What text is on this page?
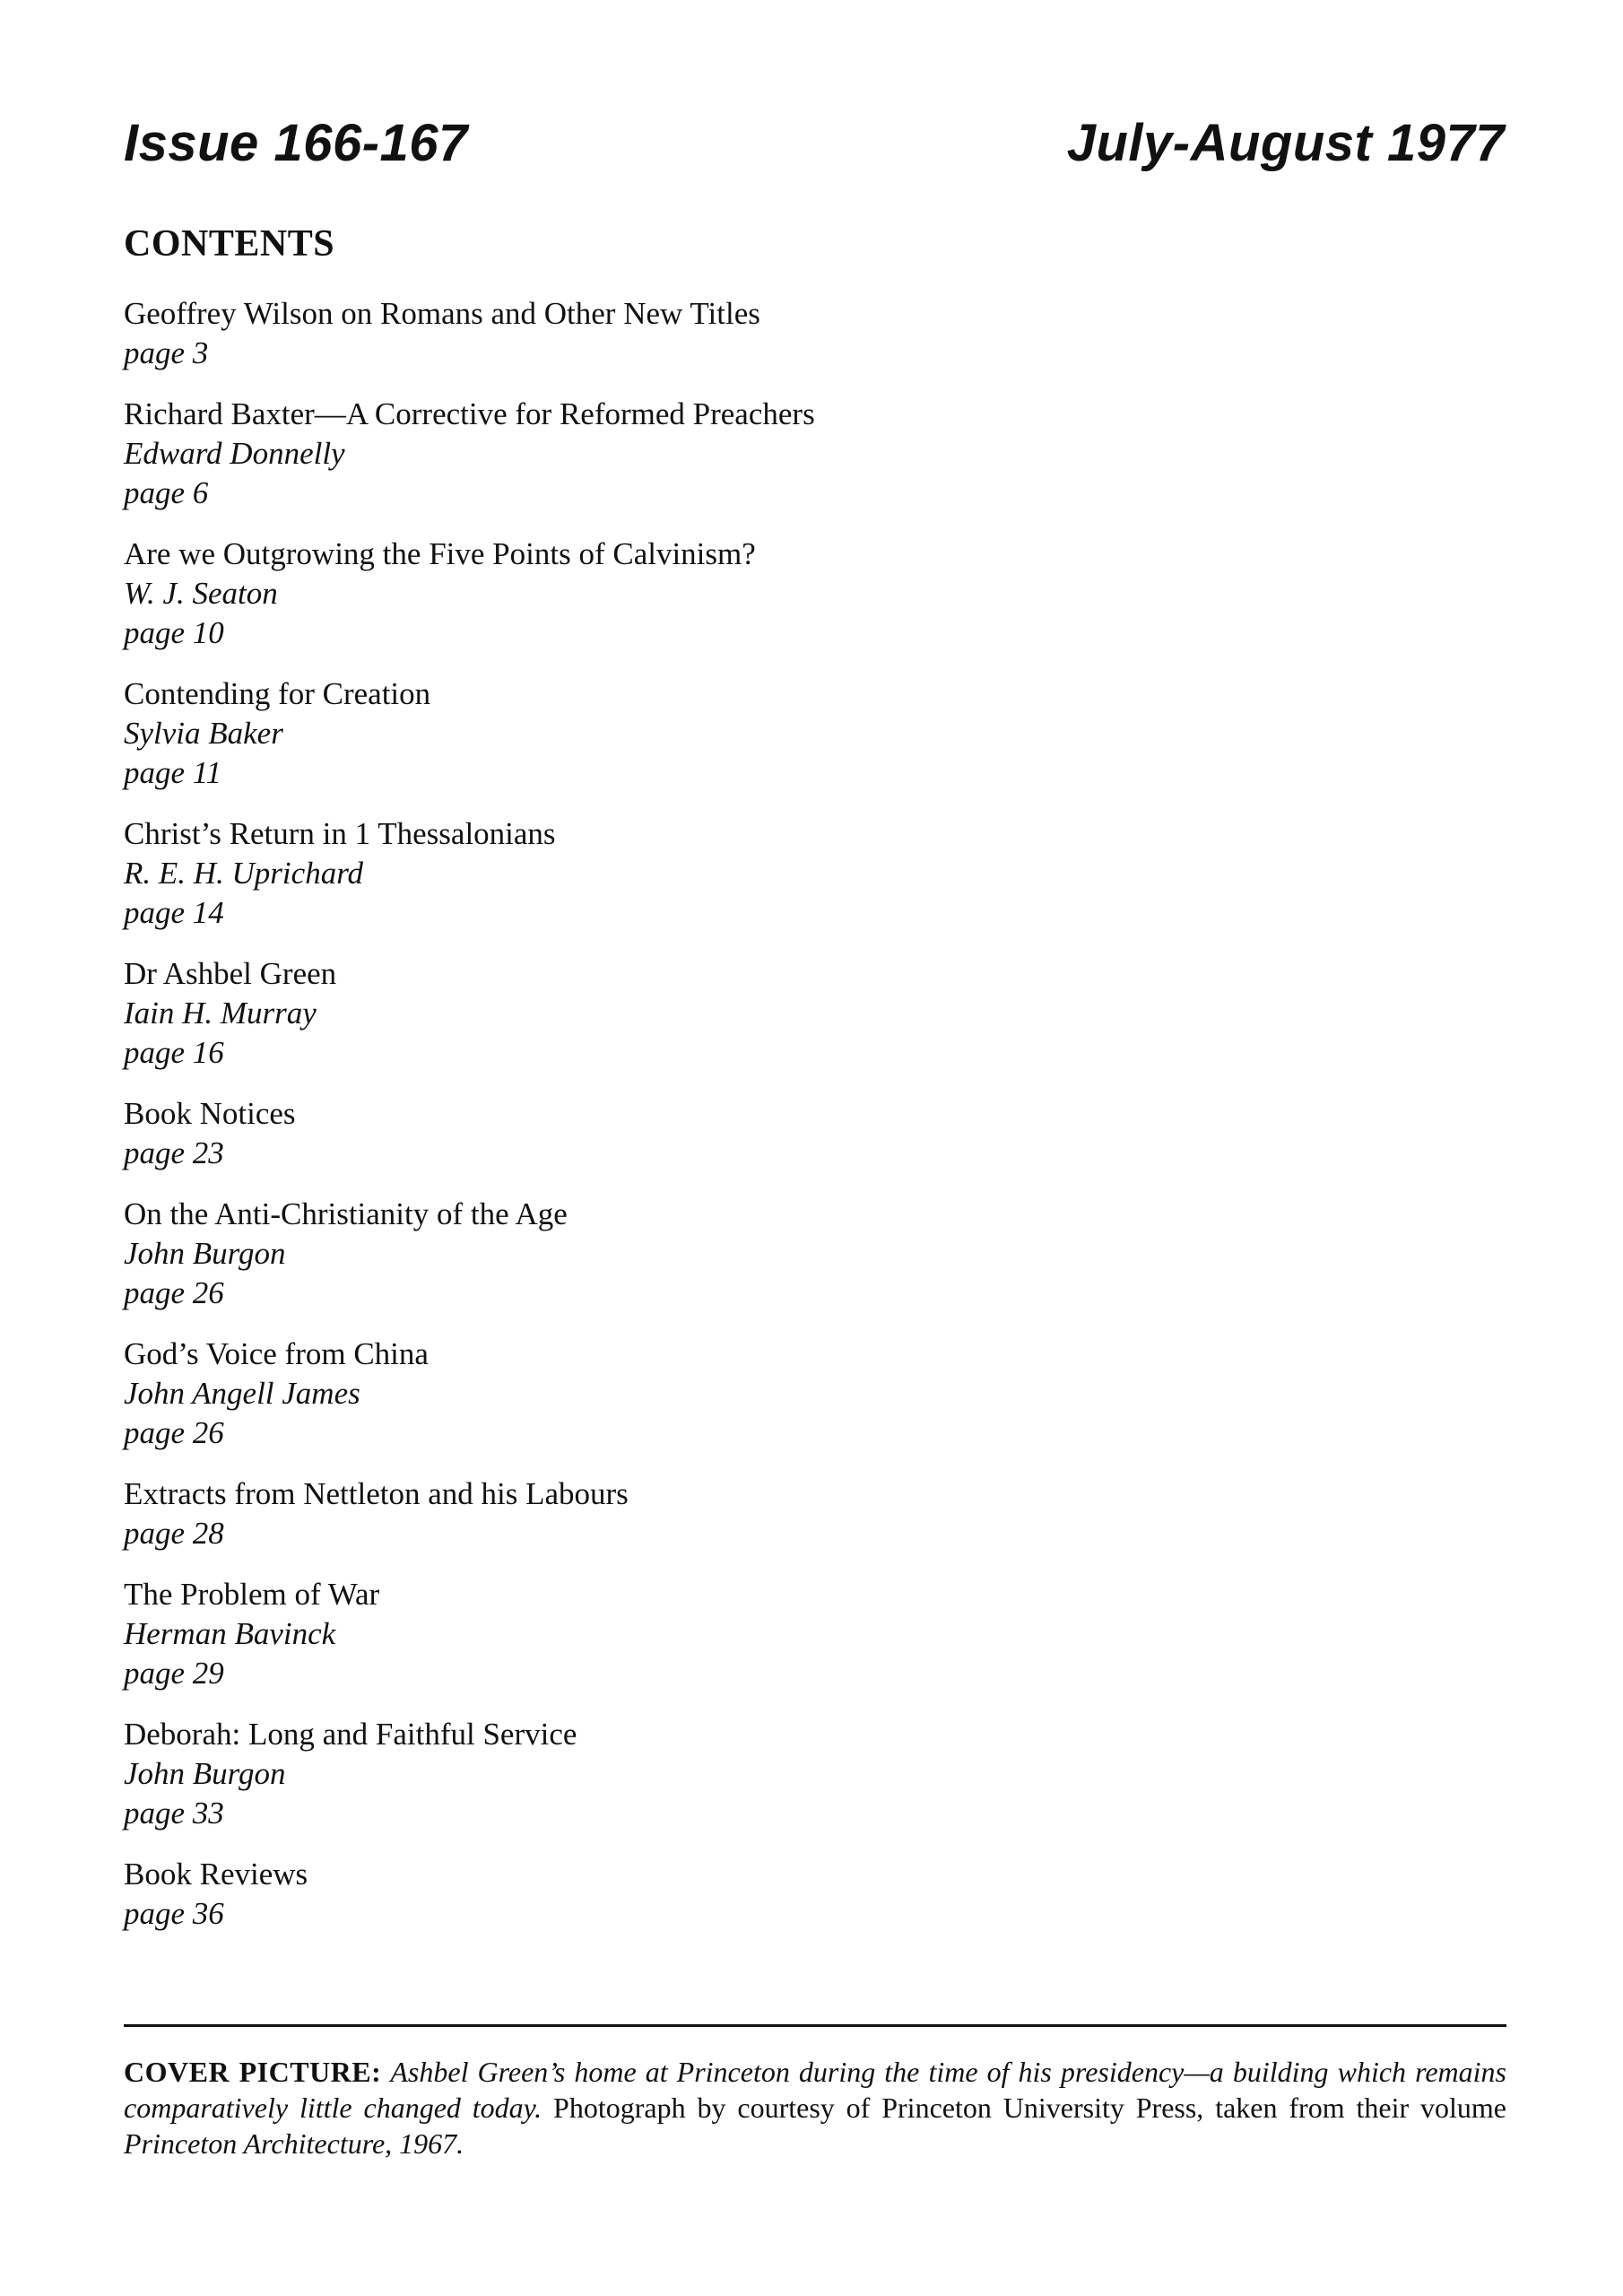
Issue 166-167	July-August 1977
CONTENTS
Geoffrey Wilson on Romans and Other New Titles
page 3
Richard Baxter—A Corrective for Reformed Preachers
Edward Donnelly
page 6
Are we Outgrowing the Five Points of Calvinism?
W. J. Seaton
page 10
Contending for Creation
Sylvia Baker
page 11
Christ’s Return in 1 Thessalonians
R. E. H. Uprichard
page 14
Dr Ashbel Green
Iain H. Murray
page 16
Book Notices
page 23
On the Anti-Christianity of the Age
John Burgon
page 26
God’s Voice from China
John Angell James
page 26
Extracts from Nettleton and his Labours
page 28
The Problem of War
Herman Bavinck
page 29
Deborah: Long and Faithful Service
John Burgon
page 33
Book Reviews
page 36

COVER PICTURE: Ashbel Green’s home at Princeton during the time of his presidency—a building which remains comparatively little changed today. Photograph by courtesy of Princeton University Press, taken from their volume Princeton Architecture, 1967.
